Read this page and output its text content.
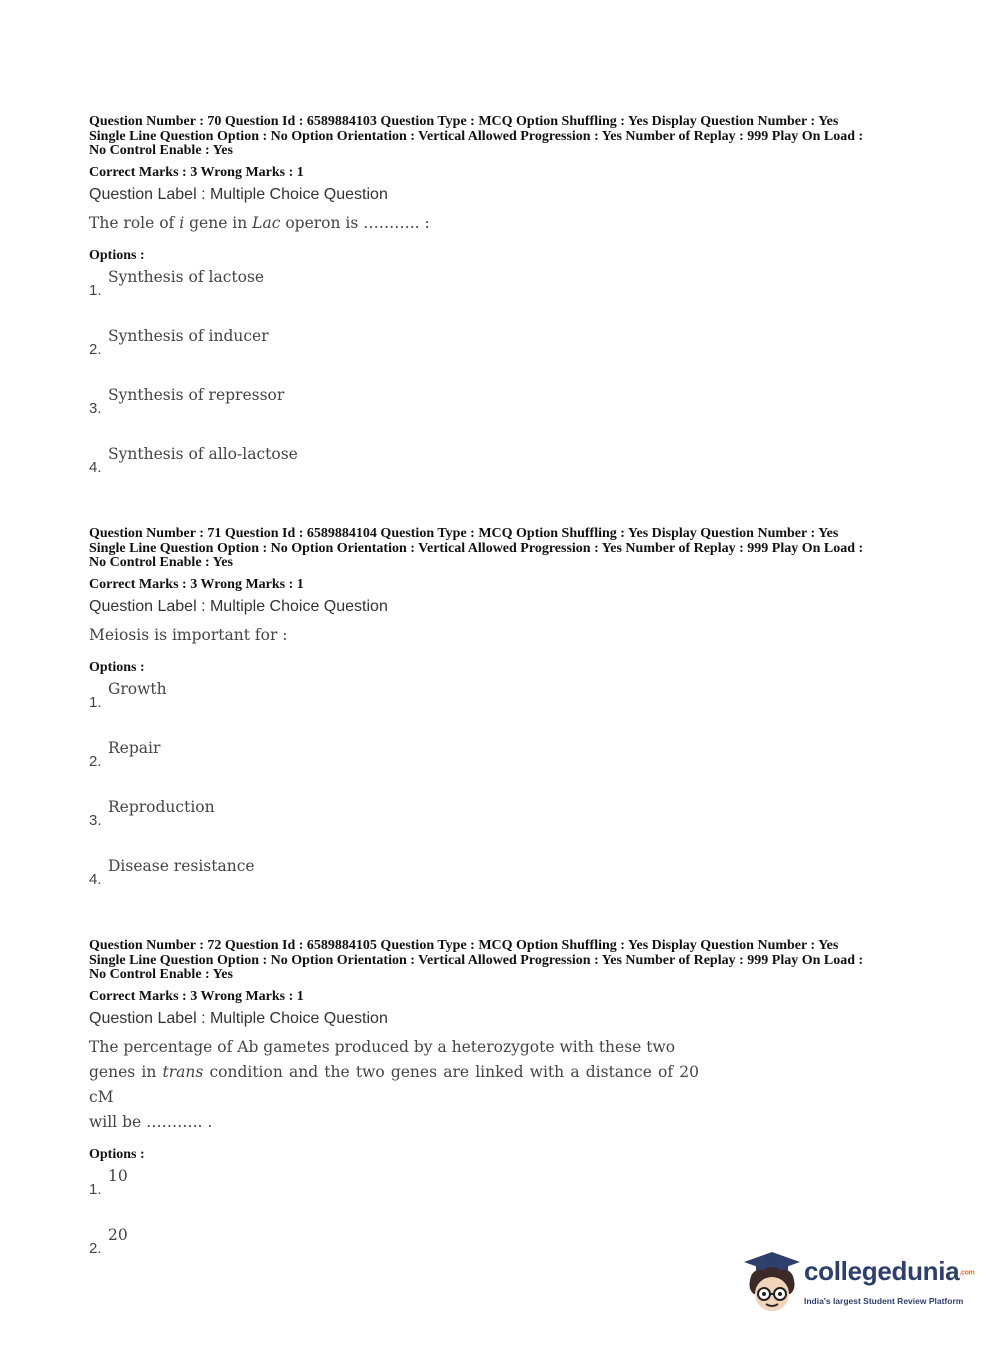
Question Number : 70 Question Id : 6589884103 Question Type : MCQ Option Shuffling : Yes Display Question Number : Yes
Single Line Question Option : No Option Orientation : Vertical Allowed Progression : Yes Number of Replay : 999 Play On Load :
No Control Enable : Yes
Correct Marks : 3 Wrong Marks : 1
Question Label : Multiple Choice Question
The role of i gene in Lac operon is ……….. :
Options :
1.
Synthesis of lactose
2.
Synthesis of inducer
3.
Synthesis of repressor
4.
Synthesis of allo-lactose
Question Number : 71 Question Id : 6589884104 Question Type : MCQ Option Shuffling : Yes Display Question Number : Yes
Single Line Question Option : No Option Orientation : Vertical Allowed Progression : Yes Number of Replay : 999 Play On Load :
No Control Enable : Yes
Correct Marks : 3 Wrong Marks : 1
Question Label : Multiple Choice Question
Meiosis is important for :
Options :
1.
Growth
2.
Repair
3.
Reproduction
4.
Disease resistance
Question Number : 72 Question Id : 6589884105 Question Type : MCQ Option Shuffling : Yes Display Question Number : Yes
Single Line Question Option : No Option Orientation : Vertical Allowed Progression : Yes Number of Replay : 999 Play On Load :
No Control Enable : Yes
Correct Marks : 3 Wrong Marks : 1
Question Label : Multiple Choice Question
The percentage of Ab gametes produced by a heterozygote with these two
genes in trans condition and the two genes are linked with a distance of 20 cM
will be ……….. .
Options :
1.
10
2.
20
collegedunia.com
India's largest Student Review Platform
